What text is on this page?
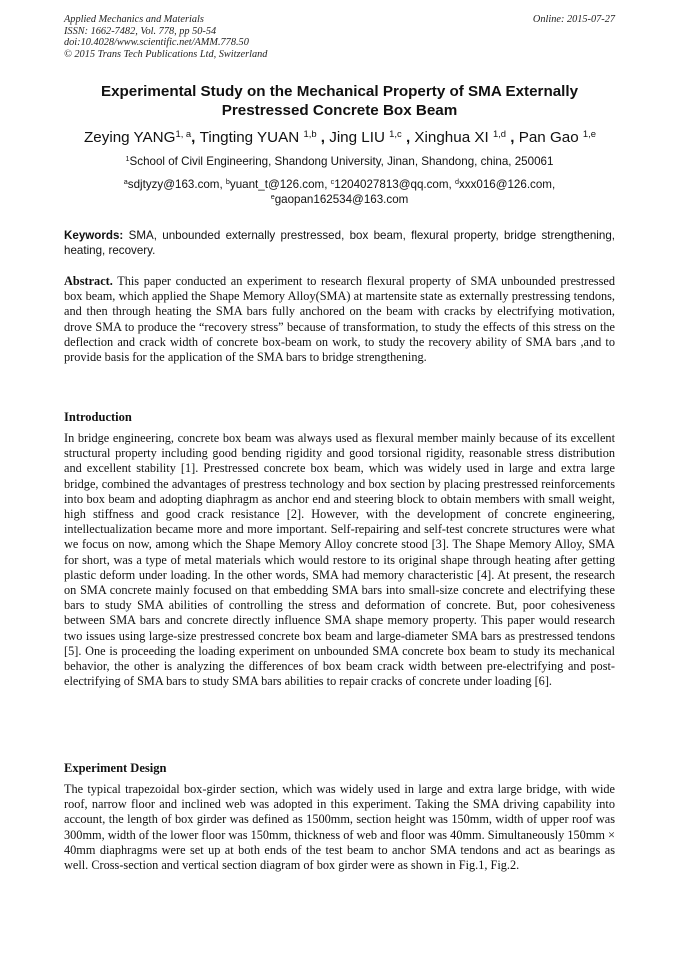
Applied Mechanics and Materials
ISSN: 1662-7482, Vol. 778, pp 50-54
doi:10.4028/www.scientific.net/AMM.778.50
© 2015 Trans Tech Publications Ltd, Switzerland
Online: 2015-07-27
Experimental Study on the Mechanical Property of SMA Externally Prestressed Concrete Box Beam
Zeying YANG$^{1, a}$, Tingting YUAN $^{1,b}$ , Jing LIU $^{1,c}$ , Xinghua XI $^{1,d}$ , Pan Gao $^{1,e}$
$^1$School of Civil Engineering, Shandong University, Jinan, Shandong, china, 250061
$^a$sdjtyzy@163.com, $^b$yuant_t@126.com, $^c$1204027813@qq.com, $^d$xxx016@126.com,
$^e$gaopan162534@163.com
Keywords: SMA, unbounded externally prestressed, box beam, flexural property, bridge strengthening, heating, recovery.
Abstract. This paper conducted an experiment to research flexural property of SMA unbounded prestressed box beam, which applied the Shape Memory Alloy(SMA) at martensite state as externally prestressing tendons, and then through heating the SMA bars fully anchored on the beam with cracks by electrifying motivation, drove SMA to produce the “recovery stress” because of transformation, to study the effects of this stress on the deflection and crack width of concrete box-beam on work, to study the recovery ability of SMA bars ,and to provide basis for the application of the SMA bars to bridge strengthening.
Introduction
In bridge engineering, concrete box beam was always used as flexural member mainly because of its excellent structural property including good bending rigidity and good torsional rigidity, reasonable stress distribution and excellent stability [1]. Prestressed concrete box beam, which was widely used in large and extra large bridge, combined the advantages of prestress technology and box section by placing prestressed reinforcements into box beam and adopting diaphragm as anchor end and steering block to obtain members with small weight, high stiffness and good crack resistance [2]. However, with the development of concrete engineering, intellectualization became more and more important. Self-repairing and self-test concrete structures were what we focus on now, among which the Shape Memory Alloy concrete stood [3]. The Shape Memory Alloy, SMA for short, was a type of metal materials which would restore to its original shape through heating after getting plastic deform under loading. In the other words, SMA had memory characteristic [4]. At present, the research on SMA concrete mainly focused on that embedding SMA bars into small-size concrete and electrifying these bars to study SMA abilities of controlling the stress and deformation of concrete. But, poor cohesiveness between SMA bars and concrete directly influence SMA shape memory property. This paper would research two issues using large-size prestressed concrete box beam and large-diameter SMA bars as prestressed tendons [5]. One is proceeding the loading experiment on unbounded SMA concrete box beam to study its mechanical behavior, the other is analyzing the differences of box beam crack width between pre-electrifying and post-electrifying of SMA bars to study SMA bars abilities to repair cracks of concrete under loading [6].
Experiment Design
The typical trapezoidal box-girder section, which was widely used in large and extra large bridge, with wide roof, narrow floor and inclined web was adopted in this experiment. Taking the SMA driving capability into account, the length of box girder was defined as 1500mm, section height was 150mm, width of upper roof was 300mm, width of the lower floor was 150mm, thickness of web and floor was 40mm. Simultaneously 150mm × 40mm diaphragms were set up at both ends of the test beam to anchor SMA tendons and act as bearings as well. Cross-section and vertical section diagram of box girder were as shown in Fig.1, Fig.2.
